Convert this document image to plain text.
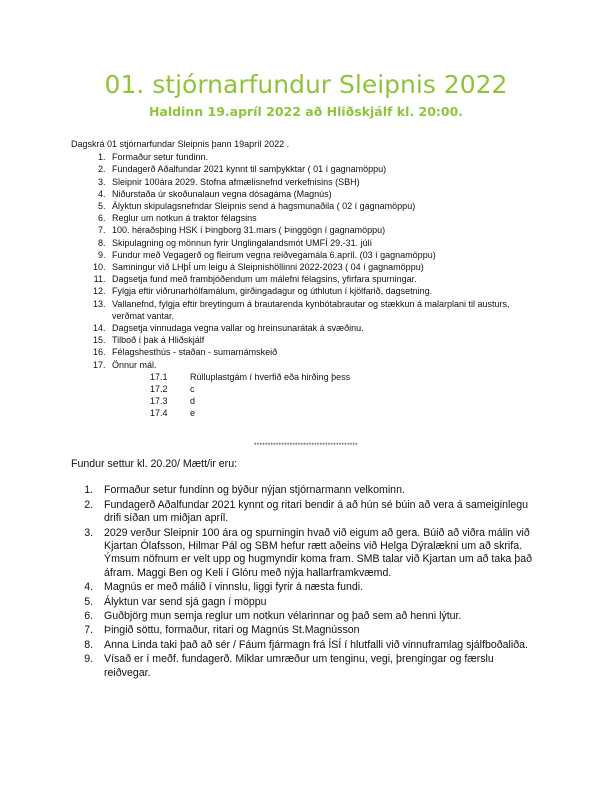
01. stjórnarfundur Sleipnis 2022
Haldinn 19.apríl 2022 að Hliðskjálf kl. 20:00.
Dagskrá 01 stjórnarfundar Sleipnis þann 19apríl 2022 .
1. Formaður setur fundinn.
2. Fundagerð Aðalfundar 2021 kynnt til samþykktar ( 01 í gagnamöppu)
3. Sleipnir 100ára 2029. Stofna afmælisnefnd verkefnisins (SBH)
4. Niðurstaða úr skoðunalaun vegna dósagáma (Magnús)
5. Ályktun skipulagsnefndar Sleipnis send á hagsmunaðila ( 02 í gagnamöppu)
6. Reglur um notkun á traktor félagsins
7. 100. héraðsþing HSK í Þingborg 31.mars ( Þinggögn í gagnamöppu)
8. Skipulagning og mönnun fyrir Unglingalandsmót UMFÍ 29.-31. júlí
9. Fundur með Vegagerð og fleirum vegna reiðvegamála 6.apríl. (03 í gagnamöppu)
10. Samningur við LHþÍ um leigu á Sleipnishöllinni 2022-2023 ( 04 í gagnamöppu)
11. Dagsetja fund með frambjóðendum um málefni félagsins, yfirfara spurningar.
12. Fylgja eftir viðrunarhólfamálum, girðingadagur og úthlutun í kjölfarið, dagsetning.
13. Vallanefnd, fylgja eftir breytingum á brautarenda kynbótabrautar og stækkun á malarplani til austurs, verðmat vantar.
14. Dagsetja vinnudaga vegna vallar og hreinsunarátak á svæðinu.
15. Tilboð í þak á Hliðskjálf
16. Félagshesthús - staðan - sumarnámskeið
17. Önnur mál.
17.1 Rúlluplastgám í hverfið eða hirðing þess
17.2 c
17.3 d
17.4 e
**************************************
Fundur settur kl. 20.20/ Mætt/ir eru:
1. Formaður setur fundinn og býður nýjan stjórnarmann velkominn.
2. Fundagerð Aðalfundar 2021 kynnt og ritari bendir á að hún sé búin að vera á sameiginlegu drifi síðan um miðjan apríl.
3. 2029 verður Sleipnir 100 ára og spurningin hvað við eigum að gera. Búið að viðra málin við Kjartan Ólafsson, Hilmar Pál og SBM hefur rætt aðeins við Helga Dýralækni um að skrifa. Ýmsum nöfnum er velt upp og hugmyndir koma fram. SMB talar við Kjartan um að taka það áfram. Maggi Ben og Keli í Glóru með nýja hallarframkvæmd.
4. Magnús er með málið í vinnslu, liggi fyrir á næsta fundi.
5. Ályktun var send sjá gagn í möppu
6. Guðbjörg mun semja reglur um notkun vélarinnar og það sem að henni lýtur.
7. Þingið söttu, formaður, ritari og Magnús St.Magnússon
8. Anna Linda taki það að sér / Fáum fjármagn frá ÍSÍ í hlutfalli við vinnuframlag sjálfboðaliða.
9. Vísað er í meðf. fundagerð. Miklar umræður um tenginu, vegi, þrengingar og færslu reiðvegar.
